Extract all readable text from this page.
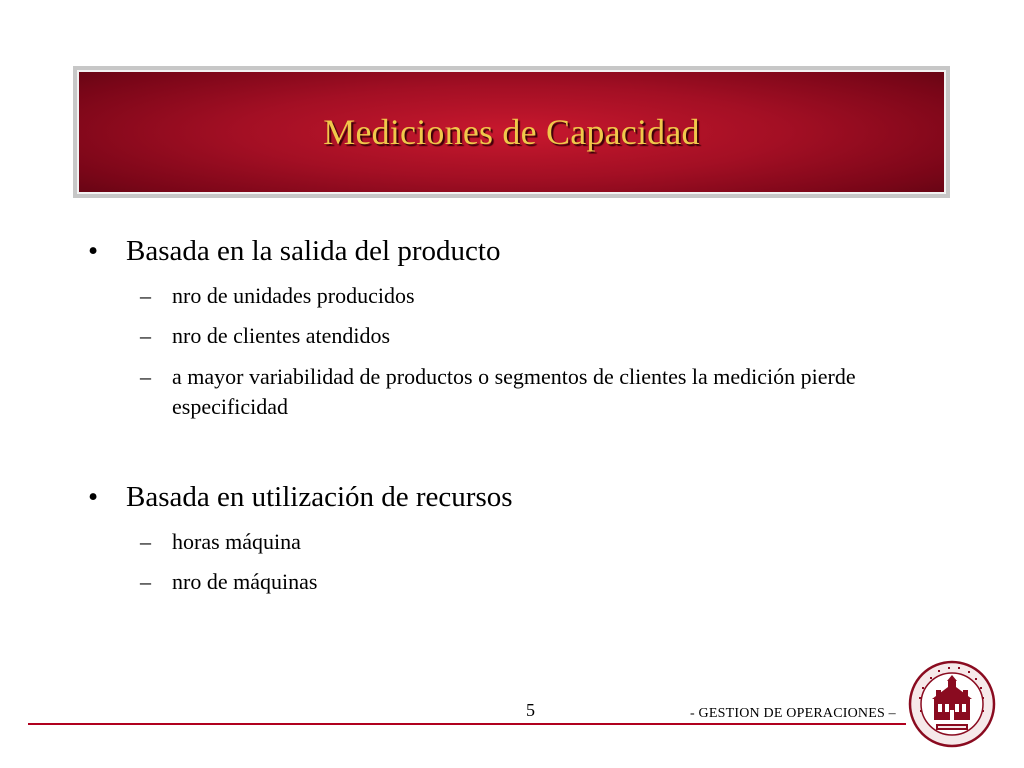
Mediciones de Capacidad
• Basada en la salida del producto
– nro de unidades producidos
– nro de clientes atendidos
– a mayor variabilidad de productos o segmentos de clientes la medición pierde especificidad
• Basada en utilización de recursos
– horas máquina
– nro de máquinas
5	- GESTION DE OPERACIONES –
